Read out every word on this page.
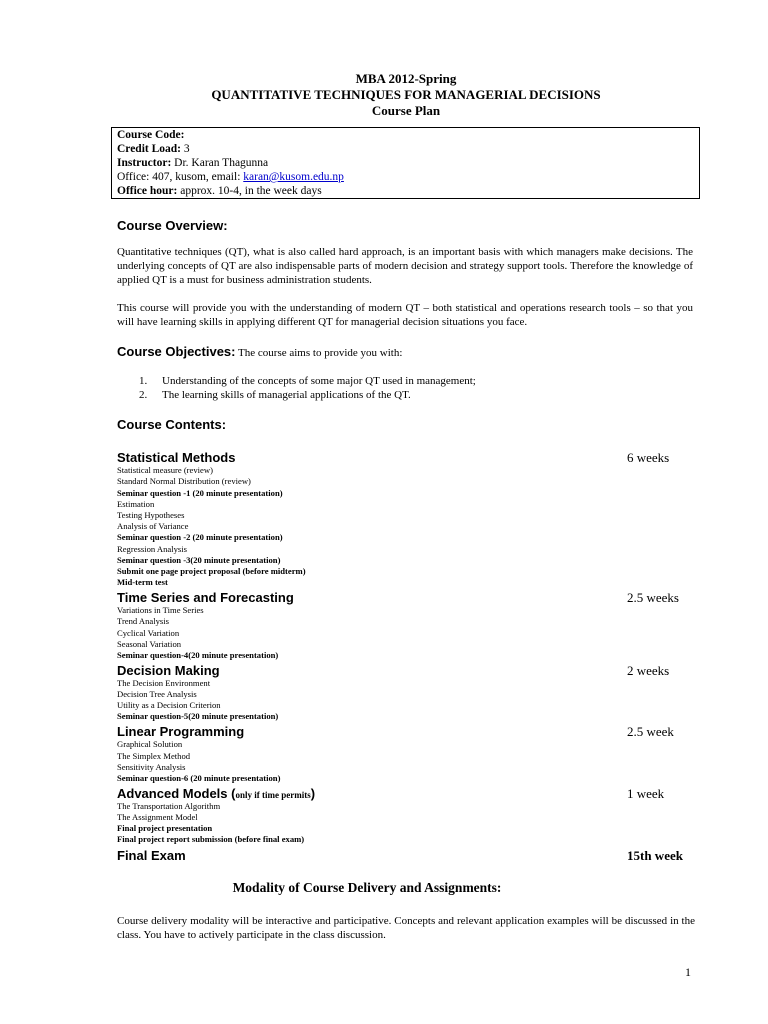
MBA 2012-Spring
QUANTITATIVE TECHNIQUES FOR MANAGERIAL DECISIONS
Course Plan
Course Code:
Credit Load: 3
Instructor: Dr. Karan Thagunna
Office: 407, kusom, email: karan@kusom.edu.np
Office hour: approx. 10-4, in the week days
Course Overview:
Quantitative techniques (QT), what is also called hard approach, is an important basis with which managers make decisions. The underlying concepts of QT are also indispensable parts of modern decision and strategy support tools. Therefore the knowledge of applied QT is a must for business administration students.
This course will provide you with the understanding of modern QT – both statistical and operations research tools – so that you will have learning skills in applying different QT for managerial decision situations you face.
Course Objectives: The course aims to provide you with:
1. Understanding of the concepts of some major QT used in management;
2. The learning skills of managerial applications of the QT.
Course Contents:
Statistical Methods	6 weeks
Statistical measure (review)
Standard Normal Distribution (review)
Seminar question -1 (20 minute presentation)
Estimation
Testing Hypotheses
Analysis of Variance
Seminar question -2 (20 minute presentation)
Regression Analysis
Seminar question -3(20 minute presentation)
Submit one page project proposal (before midterm)
Mid-term test
Time Series and Forecasting	2.5 weeks
Variations in Time Series
Trend Analysis
Cyclical Variation
Seasonal Variation
Seminar question-4(20 minute presentation)
Decision Making	2 weeks
The Decision Environment
Decision Tree Analysis
Utility as a Decision Criterion
Seminar question-5(20 minute presentation)
Linear Programming	2.5 week
Graphical Solution
The Simplex Method
Sensitivity Analysis
Seminar question-6 (20 minute presentation)
Advanced Models (only if time permits)	1 week
The Transportation Algorithm
The Assignment Model
Final project presentation
Final project report submission (before final exam)
Final Exam	15th week
Modality of Course Delivery and Assignments:
Course delivery modality will be interactive and participative. Concepts and relevant application examples will be discussed in the class. You have to actively participate in the class discussion.
1
